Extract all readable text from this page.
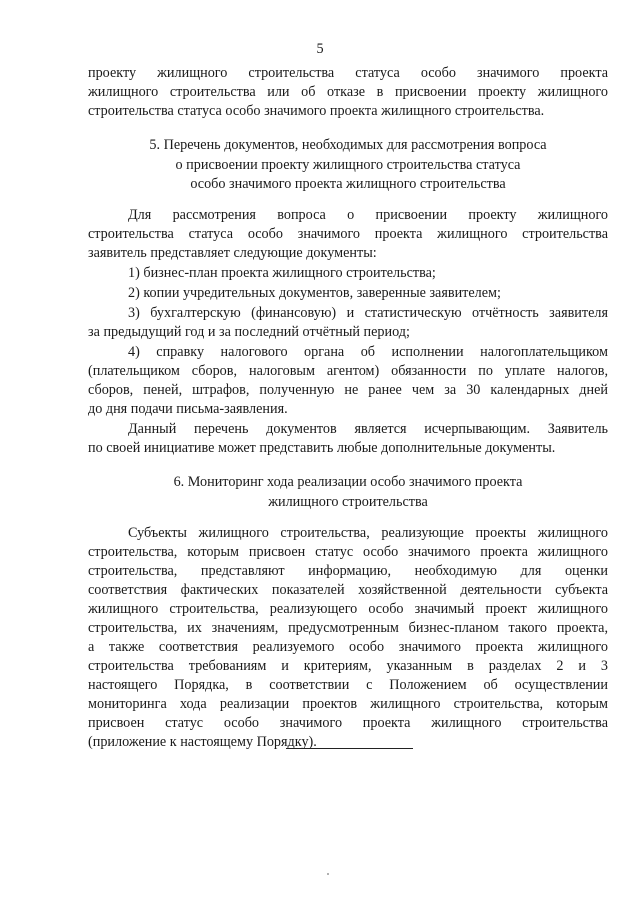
5

проекту жилищного строительства статуса особо значимого проекта

жилищного строительства или об отказе в присвоении проекту жилищного

строительства статуса особо значимого проекта жилищного строительства.

5. Перечень документов, необходимых для рассмотрения вопроса
о присвоении проекту жилищного строительства статуса
особо значимого проекта жилищного строительства

Для рассмотрения вопроса о присвоении проекту жилищного

строительства статуса особо значимого проекта жилищного строительства

заявитель представляет следующие документы:

1) бизнес-план проекта жилищного строительства;

2) копии учредительных документов, заверенные заявителем;

3) бухгалтерскую (финансовую) и статистическую отчётность заявителя

за предыдущий год и за последний отчётный период;

4) справку налогового органа об исполнении налогоплательщиком

(плательщиком сборов, налоговым агентом) обязанности по уплате налогов,

сборов, пеней, штрафов, полученную не ранее чем за 30 календарных дней

до дня подачи письма-заявления.

Данный перечень документов является исчерпывающим. Заявитель

по своей инициативе может представить любые дополнительные документы.

6. Мониторинг хода реализации особо значимого проекта
жилищного строительства

Субъекты жилищного строительства, реализующие проекты жилищного

строительства, которым присвоен статус особо значимого проекта жилищного

строительства, представляют информацию, необходимую для оценки

соответствия фактических показателей хозяйственной деятельности субъекта

жилищного строительства, реализующего особо значимый проект жилищного

строительства, их значениям, предусмотренным бизнес-планом такого проекта,

а также соответствия реализуемого особо значимого проекта жилищного

строительства требованиям и критериям, указанным в разделах 2 и 3

настоящего Порядка, в соответствии с Положением об осуществлении

мониторинга хода реализации проектов жилищного строительства, которым

присвоен статус особо значимого проекта жилищного строительства

(приложение к настоящему Порядку).
